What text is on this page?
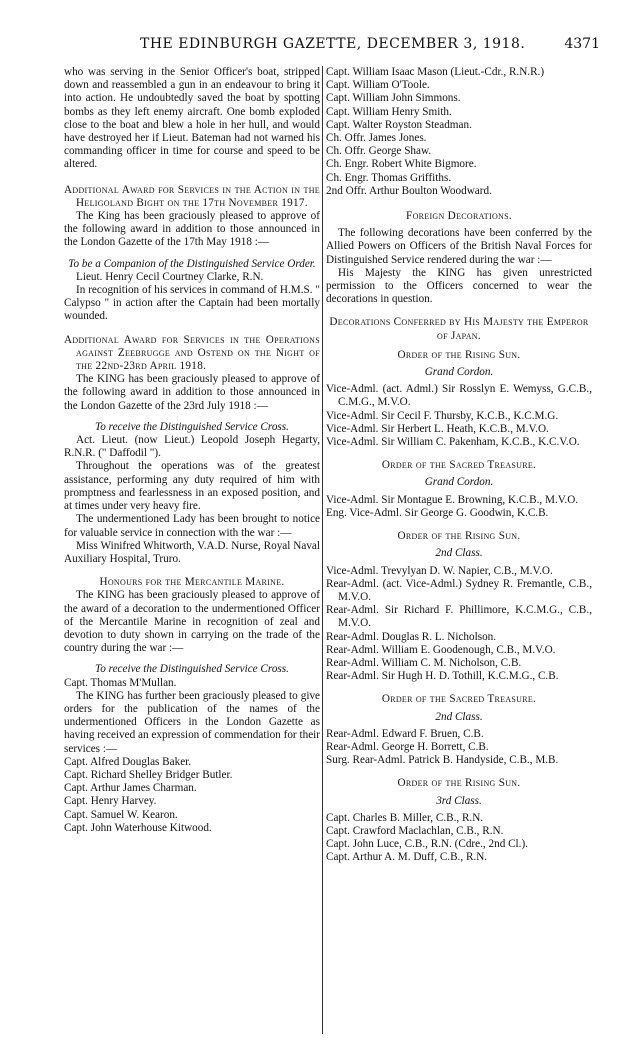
THE EDINBURGH GAZETTE, DECEMBER 3, 1918.	4371

who was serving in the Senior Officer's boat, stripped down and reassembled a gun in an endeavour to bring it into action. He undoubtedly saved the boat by spotting bombs as they left enemy aircraft. One bomb exploded close to the boat and blew a hole in her hull, and would have destroyed her if Lieut. Bateman had not warned his commanding officer in time for course and speed to be altered.

Additional Award for Services in the Action in the Heligoland Bight on the 17th November 1917.

The King has been graciously pleased to approve of the following award in addition to those announced in the London Gazette of the 17th May 1918 :—

To be a Companion of the Distinguished Service Order.

Lieut. Henry Cecil Courtney Clarke, R.N.

In recognition of his services in command of H.M.S. " Calypso " in action after the Captain had been mortally wounded.

Additional Award for Services in the Operations against Zeebrugge and Ostend on the Night of the 22nd-23rd April 1918.

The KING has been graciously pleased to approve of the following award in addition to those announced in the London Gazette of the 23rd July 1918 :—

To receive the Distinguished Service Cross.

Act. Lieut. (now Lieut.) Leopold Joseph Hegarty, R.N.R. (" Daffodil ").

Throughout the operations was of the greatest assistance, performing any duty required of him with promptness and fearlessness in an exposed position, and at times under very heavy fire.

The undermentioned Lady has been brought to notice for valuable service in connection with the war :—

Miss Winifred Whitworth, V.A.D. Nurse, Royal Naval Auxiliary Hospital, Truro.

Honours for the Mercantile Marine.

The KING has been graciously pleased to approve of the award of a decoration to the undermentioned Officer of the Mercantile Marine in recognition of zeal and devotion to duty shown in carrying on the trade of the country during the war :—

To receive the Distinguished Service Cross.

Capt. Thomas M'Mullan.

The KING has further been graciously pleased to give orders for the publication of the names of the undermentioned Officers in the London Gazette as having received an expression of commendation for their services :—

Capt. Alfred Douglas Baker.

Capt. Richard Shelley Bridger Butler.

Capt. Arthur James Charman.

Capt. Henry Harvey.

Capt. Samuel W. Kearon.

Capt. John Waterhouse Kitwood.

Capt. William Isaac Mason (Lieut.-Cdr., R.N.R.)

Capt. William O'Toole.

Capt. William John Simmons.

Capt. William Henry Smith.

Capt. Walter Royston Steadman.

Ch. Offr. James Jones.

Ch. Offr. George Shaw.

Ch. Engr. Robert White Bigmore.

Ch. Engr. Thomas Griffiths.

2nd Offr. Arthur Boulton Woodward.

Foreign Decorations.

The following decorations have been conferred by the Allied Powers on Officers of the British Naval Forces for Distinguished Service rendered during the war :—

His Majesty the KING has given unrestricted permission to the Officers concerned to wear the decorations in question.

Decorations Conferred by His Majesty the Emperor of Japan.

Order of the Rising Sun.

Grand Cordon.

Vice-Adml. (act. Adml.) Sir Rosslyn E. Wemyss, G.C.B., C.M.G., M.V.O.

Vice-Adml. Sir Cecil F. Thursby, K.C.B., K.C.M.G.

Vice-Adml. Sir Herbert L. Heath, K.C.B., M.V.O.

Vice-Adml. Sir William C. Pakenham, K.C.B., K.C.V.O.

Order of the Sacred Treasure.

Grand Cordon.

Vice-Adml. Sir Montague E. Browning, K.C.B., M.V.O.

Eng. Vice-Adml. Sir George G. Goodwin, K.C.B.

Order of the Rising Sun.

2nd Class.

Vice-Adml. Trevylyan D. W. Napier, C.B., M.V.O.

Rear-Adml. (act. Vice-Adml.) Sydney R. Fremantle, C.B., M.V.O.

Rear-Adml. Sir Richard F. Phillimore, K.C.M.G., C.B., M.V.O.

Rear-Adml. Douglas R. L. Nicholson.

Rear-Adml. William E. Goodenough, C.B., M.V.O.

Rear-Adml. William C. M. Nicholson, C.B.

Rear-Adml. Sir Hugh H. D. Tothill, K.C.M.G., C.B.

Order of the Sacred Treasure.

2nd Class.

Rear-Adml. Edward F. Bruen, C.B.

Rear-Adml. George H. Borrett, C.B.

Surg. Rear-Adml. Patrick B. Handyside, C.B., M.B.

Order of the Rising Sun.

3rd Class.

Capt. Charles B. Miller, C.B., R.N.

Capt. Crawford Maclachlan, C.B., R.N.

Capt. John Luce, C.B., R.N. (Cdre., 2nd Cl.).

Capt. Arthur A. M. Duff, C.B., R.N.
